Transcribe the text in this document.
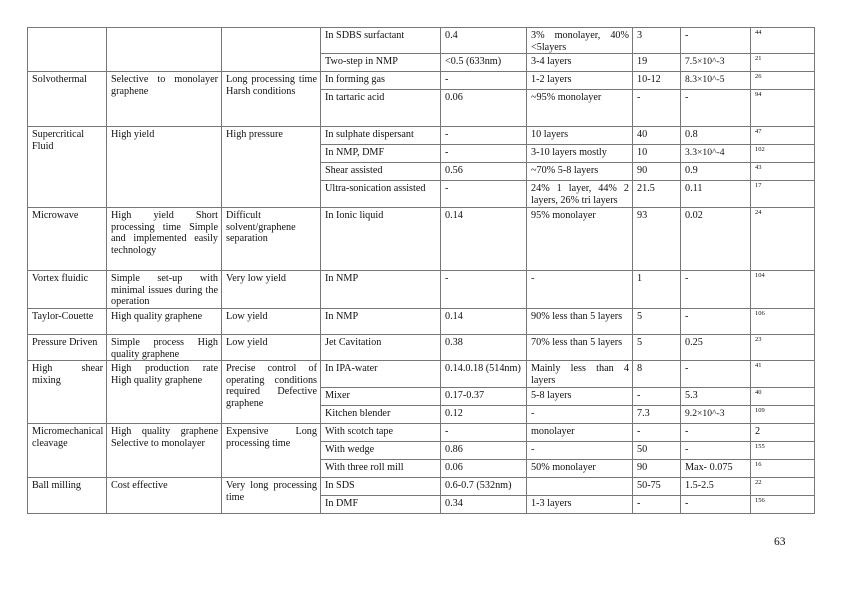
			In SDBS surfactant	0.4	3% monolayer, 40% <5layers	3	-	44
			Two-step in NMP	<0.5 (633nm)	3-4 layers	19	7.5×10^-3	21
Solvothermal	Selective to monolayer graphene	Long processing time Harsh conditions	In forming gas	-	1-2 layers	10-12	8.3×10^-5	26
			In tartaric acid	0.06	~95% monolayer	-	-	94
Supercritical Fluid	High yield	High pressure	In sulphate dispersant	-	10 layers	40	0.8	47
			In NMP, DMF	-	3-10 layers mostly	10	3.3×10^-4	102
			Shear assisted	0.56	~70% 5-8 layers	90	0.9	43
			Ultra-sonication assisted	-	24% 1 layer, 44% 2 layers, 26% tri layers	21.5	0.11	17
Microwave	High yield Short processing time Simple and implemented easily technology	Difficult solvent/graphene separation	In Ionic liquid	0.14	95% monolayer	93	0.02	24
Vortex fluidic	Simple set-up with minimal issues during the operation	Very low yield	In NMP	-	-	1	-	104
Taylor-Couette	High quality graphene	Low yield	In NMP	0.14	90% less than 5 layers	5	-	106
Pressure Driven	Simple process High quality graphene	Low yield	Jet Cavitation	0.38	70% less than 5 layers	5	0.25	23
High shear mixing	High production rate High quality graphene	Precise control of operating conditions required Defective graphene	In IPA-water	0.14.0.18 (514nm)	Mainly less than 4 layers	8	-	41
			Mixer	0.17-0.37	5-8 layers	-	5.3	40
			Kitchen blender	0.12	-	7.3	9.2×10^-3	109
Micromechanical cleavage	High quality graphene Selective to monolayer	Expensive Long processing time	With scotch tape	-	monolayer	-	-	2
			With wedge	0.86	-	50	-	155
			With three roll mill	0.06	50% monolayer	90	Max- 0.075	16
Ball milling	Cost effective	Very long processing time	In SDS	0.6-0.7 (532nm)		50-75	1.5-2.5	22
			In DMF	0.34	1-3 layers	-	-	156
63
